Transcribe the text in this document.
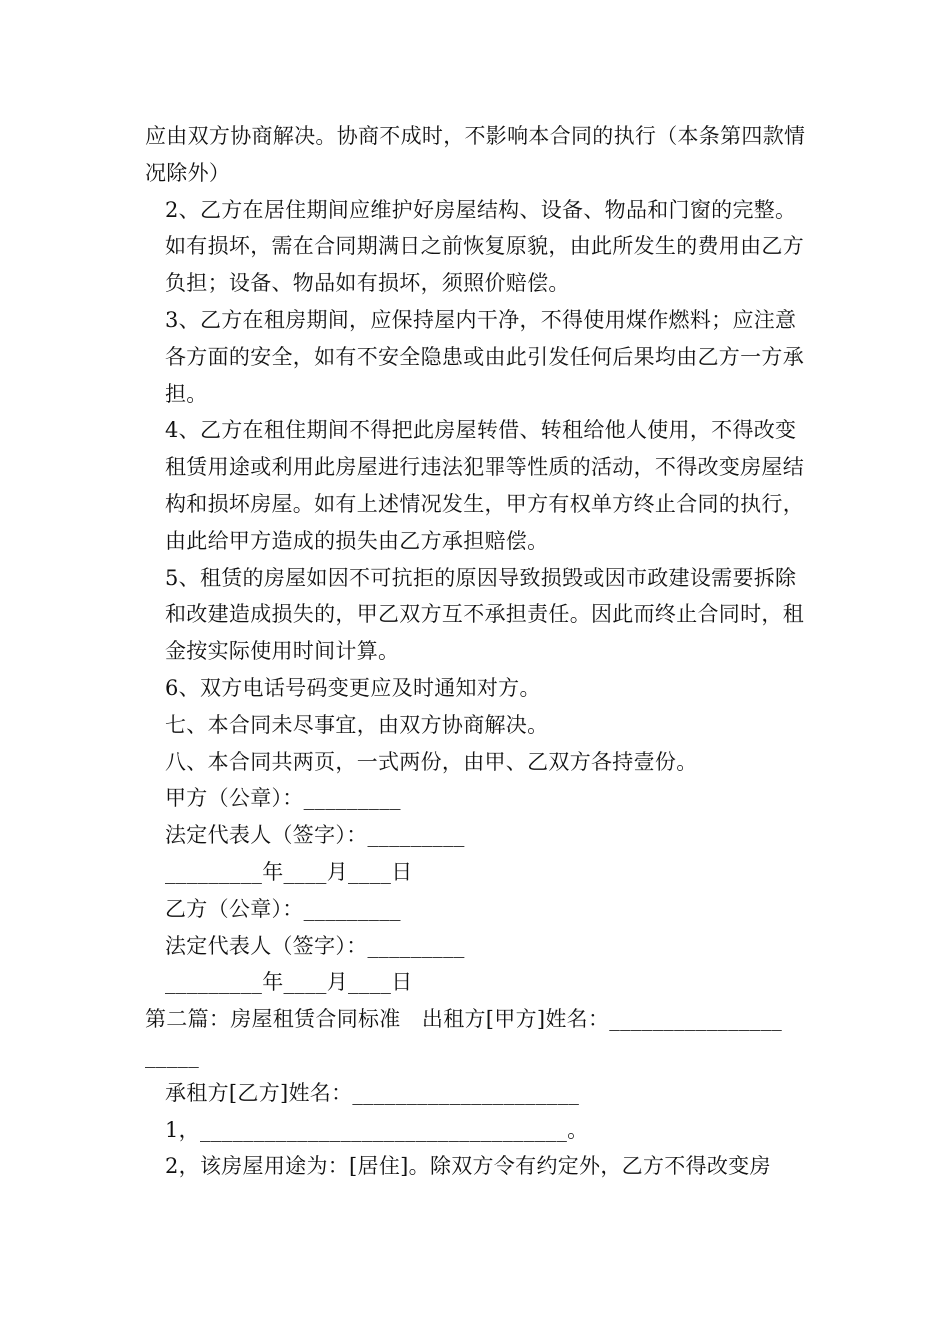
应由双方协商解决。协商不成时，不影响本合同的执行（本条第四款情况除外）

2、乙方在居住期间应维护好房屋结构、设备、物品和门窗的完整。如有损坏，需在合同期满日之前恢复原貌，由此所发生的费用由乙方负担；设备、物品如有损坏，须照价赔偿。

3、乙方在租房期间，应保持屋内干净，不得使用煤作燃料；应注意各方面的安全，如有不安全隐患或由此引发任何后果均由乙方一方承担。

4、乙方在租住期间不得把此房屋转借、转租给他人使用，不得改变租赁用途或利用此房屋进行违法犯罪等性质的活动，不得改变房屋结构和损坏房屋。如有上述情况发生，甲方有权单方终止合同的执行，由此给甲方造成的损失由乙方承担赔偿。

5、租赁的房屋如因不可抗拒的原因导致损毁或因市政建设需要拆除和改建造成损失的，甲乙双方互不承担责任。因此而终止合同时，租金按实际使用时间计算。

6、双方电话号码变更应及时通知对方。

七、本合同未尽事宜，由双方协商解决。

八、本合同共两页，一式两份，由甲、乙双方各持壹份。

甲方（公章）：_________

法定代表人（签字）：_________

_________年____月____日

乙方（公章）：_________

法定代表人（签字）：_________

_________年____月____日

第二篇：房屋租赁合同标准　出租方[甲方]姓名：________________
_____

承租方[乙方]姓名：_____________________

1，__________________________________。

2，该房屋用途为：[居住]。除双方令有约定外，乙方不得改变房
